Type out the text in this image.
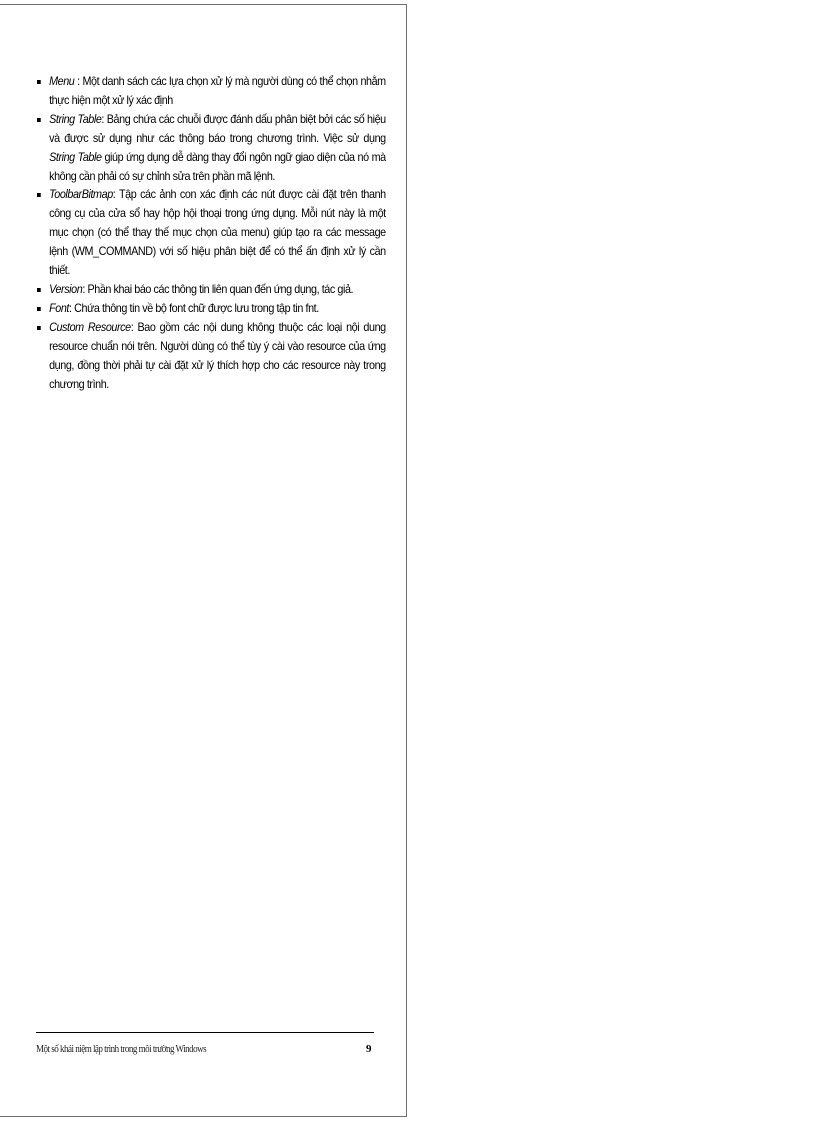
Menu : Một danh sách các lựa chọn xử lý mà người dùng có thể chọn nhằm thực hiện một xử lý xác định
String Table: Bảng chứa các chuỗi được đánh dấu phân biệt bởi các số hiệu và được sử dụng như các thông báo trong chương trình. Việc sử dụng String Table giúp ứng dụng dễ dàng thay đổi ngôn ngữ giao diện của nó mà không cần phải có sự chỉnh sửa trên phần mã lệnh.
ToolbarBitmap: Tập các ảnh con xác định các nút được cài đặt trên thanh công cụ của cửa sổ hay hộp hội thoại trong ứng dụng. Mỗi nút này là một mục chọn (có thể thay thế mục chọn của menu) giúp tạo ra các message lệnh (WM_COMMAND) với số hiệu phân biệt để có thể ấn định xử lý cần thiết.
Version: Phần khai báo các thông tin liên quan đến ứng dụng, tác giả.
Font: Chứa thông tin về bộ font chữ được lưu trong tập tin fnt.
Custom Resource: Bao gồm các nội dung không thuộc các loại nội dung resource chuẩn nói trên. Người dùng có thể tùy ý cài vào resource của ứng dụng, đồng thời phải tự cài đặt xử lý thích hợp cho các resource này trong chương trình.
Một số khái niệm lập trình trong môi trường Windows	9
